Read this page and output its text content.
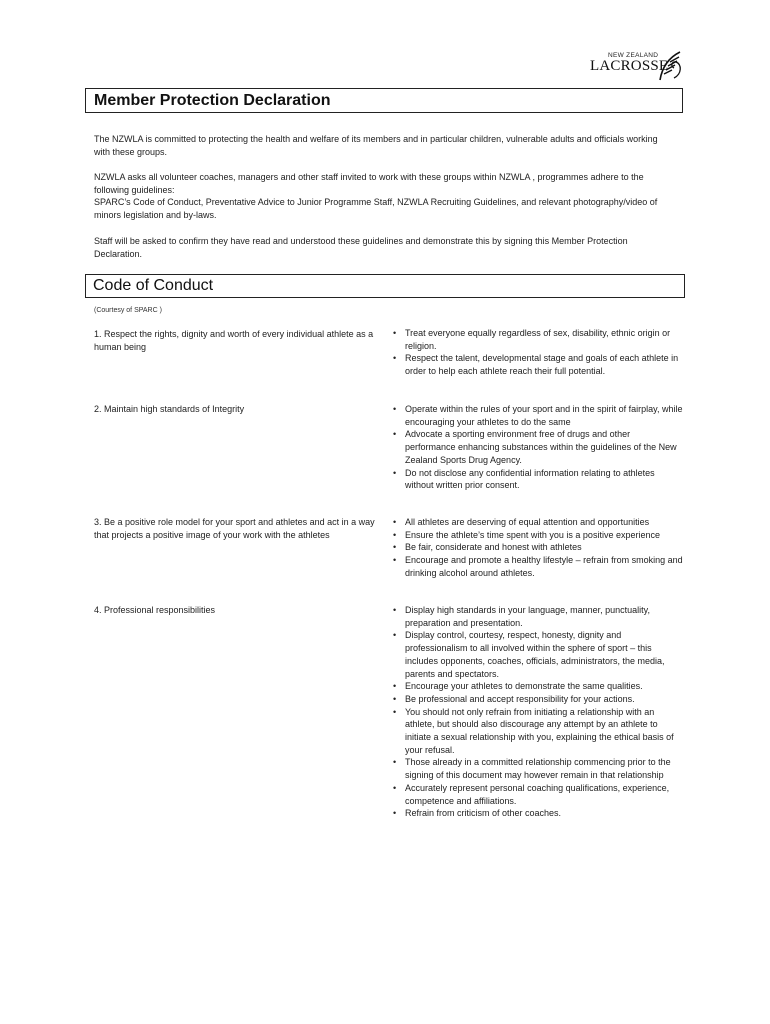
NEW ZEALAND
LACROSSE
Member Protection Declaration

The NZWLA is committed to protecting the health and welfare of its members and in particular children, vulnerable adults and officials working with these groups.

NZWLA asks all volunteer coaches, managers and other staff invited to work with these groups within NZWLA , programmes adhere to the following guidelines:

SPARC’s Code of Conduct, Preventative Advice to Junior Programme Staff, NZWLA Recruiting Guidelines, and relevant photography/video of minors legislation and by-laws.

Staff will be asked to confirm they have read and understood these guidelines and demonstrate this by signing this Member Protection Declaration.

Code of Conduct
(Courtesy of SPARC )

1. Respect the rights, dignity and worth of every individual athlete as a human being

• Treat everyone equally regardless of sex, disability, ethnic origin or religion.
• Respect the talent, developmental stage and goals of each athlete in order to help each athlete reach their full potential.

2. Maintain high standards of Integrity	• Operate within the rules of your sport and in the spirit of fairplay, while encouraging your athletes to do the same
• Advocate a sporting environment free of drugs and other performance enhancing substances within the guidelines of the New Zealand Sports Drug Agency.
• Do not disclose any confidential information relating to athletes without written prior consent.

3. Be a positive role model for your sport and athletes and act in a way that projects a positive image of your work with the athletes

• All athletes are deserving of equal attention and opportunities
• Ensure the athlete’s time spent with you is a positive experience
• Be fair, considerate and honest with athletes
• Encourage and promote a healthy lifestyle – refrain from smoking and drinking alcohol around athletes.

4. Professional responsibilities	• Display high standards in your language, manner, punctuality, preparation and presentation.
• Display control, courtesy, respect, honesty, dignity and professionalism to all involved within the sphere of sport – this includes opponents, coaches, officials, administrators, the media, parents and spectators.
• Encourage your athletes to demonstrate the same qualities.
• Be professional and accept responsibility for your actions.
• You should not only refrain from initiating a relationship with an athlete, but should also discourage any attempt by an athlete to initiate a sexual relationship with you, explaining the ethical basis of your refusal.
• Those already in a committed relationship commencing prior to the signing of this document may however remain in that relationship
• Accurately represent personal coaching qualifications, experience, competence and affiliations.
• Refrain from criticism of other coaches.
